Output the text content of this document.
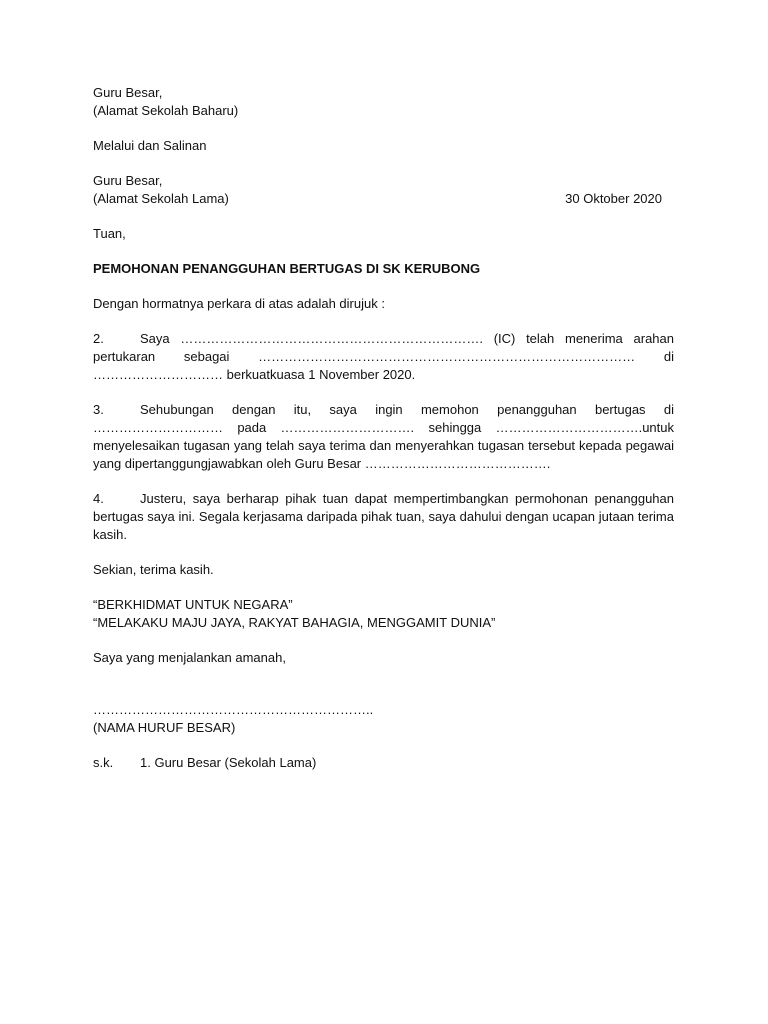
Guru Besar,
(Alamat Sekolah Baharu)
Melalui dan Salinan
Guru Besar,
(Alamat Sekolah Lama)	30 Oktober 2020
Tuan,
PEMOHONAN PENANGGUHAN BERTUGAS DI SK KERUBONG
Dengan hormatnya perkara di atas adalah dirujuk :
2.	Saya ……………………………………………………………. (IC) telah menerima arahan pertukaran sebagai …………………………………………………………………………… di ………………………… berkuatkuasa 1 November 2020.
3.	Sehubungan dengan itu, saya ingin memohon penangguhan bertugas di
………………………… pada …………………………. sehingga …………………………….untuk
menyelesaikan tugasan yang telah saya terima dan menyerahkan tugasan tersebut kepada pegawai yang dipertanggungjawabkan oleh Guru Besar …………………………………….
4.	Justeru, saya berharap pihak tuan dapat mempertimbangkan permohonan penangguhan bertugas saya ini. Segala kerjasama daripada pihak tuan, saya dahului dengan ucapan jutaan terima kasih.
Sekian, terima kasih.
“BERKHIDMAT UNTUK NEGARA”
“MELAKAKU MAJU JAYA, RAKYAT BAHAGIA, MENGGAMIT DUNIA”
Saya yang menjalankan amanah,
………………………………………………………..
(NAMA HURUF BESAR)
s.k.	1. Guru Besar (Sekolah Lama)
